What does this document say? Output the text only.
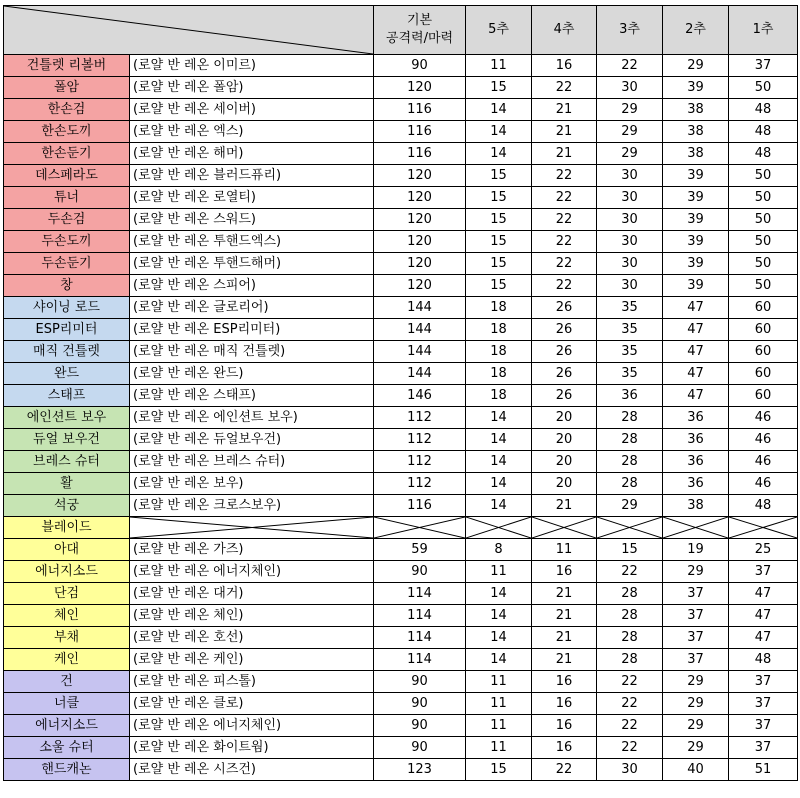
기본
공격력/마력	5추	4추	3추	2추	1추
건틀렛 리볼버	(로얄 반 레온 이미르)	90	11	16	22	29	37
폴암	(로얄 반 레온 폴암)	120	15	22	30	39	50
한손검	(로얄 반 레온 세이버)	116	14	21	29	38	48
한손도끼	(로얄 반 레온 엑스)	116	14	21	29	38	48
한손둔기	(로얄 반 레온 해머)	116	14	21	29	38	48
데스페라도	(로얄 반 레온 블러드퓨리)	120	15	22	30	39	50
튜너	(로얄 반 레온 로열티)	120	15	22	30	39	50
두손검	(로얄 반 레온 스워드)	120	15	22	30	39	50
두손도끼	(로얄 반 레온 투핸드엑스)	120	15	22	30	39	50
두손둔기	(로얄 반 레온 투핸드해머)	120	15	22	30	39	50
창	(로얄 반 레온 스피어)	120	15	22	30	39	50
샤이닝 로드	(로얄 반 레온 글로리어)	144	18	26	35	47	60
ESP리미터	(로얄 반 레온 ESP리미터)	144	18	26	35	47	60
매직 건틀렛	(로얄 반 레온 매직 건틀렛)	144	18	26	35	47	60
완드	(로얄 반 레온 완드)	144	18	26	35	47	60
스태프	(로얄 반 레온 스태프)	146	18	26	36	47	60
에인션트 보우	(로얄 반 레온 에인션트 보우)	112	14	20	28	36	46
듀얼 보우건	(로얄 반 레온 듀얼보우건)	112	14	20	28	36	46
브레스 슈터	(로얄 반 레온 브레스 슈터)	112	14	20	28	36	46
활	(로얄 반 레온 보우)	112	14	20	28	36	46
석궁	(로얄 반 레온 크로스보우)	116	14	21	29	38	48
블레이드	

아대	(로얄 반 레온 가즈)	59	8	11	15	19	25
에너지소드	(로얄 반 레온 에너지체인)	90	11	16	22	29	37
단검	(로얄 반 레온 대거)	114	14	21	28	37	47
체인	(로얄 반 레온 체인)	114	14	21	28	37	47
부채	(로얄 반 레온 호선)	114	14	21	28	37	47
케인	(로얄 반 레온 케인)	114	14	21	28	37	48
건	(로얄 반 레온 피스톨)	90	11	16	22	29	37
너클	(로얄 반 레온 클로)	90	11	16	22	29	37
에너지소드	(로얄 반 레온 에너지체인)	90	11	16	22	29	37
소울 슈터	(로얄 반 레온 화이트웜)	90	11	16	22	29	37
핸드캐논	(로얄 반 레온 시즈건)	123	15	22	30	40	51
